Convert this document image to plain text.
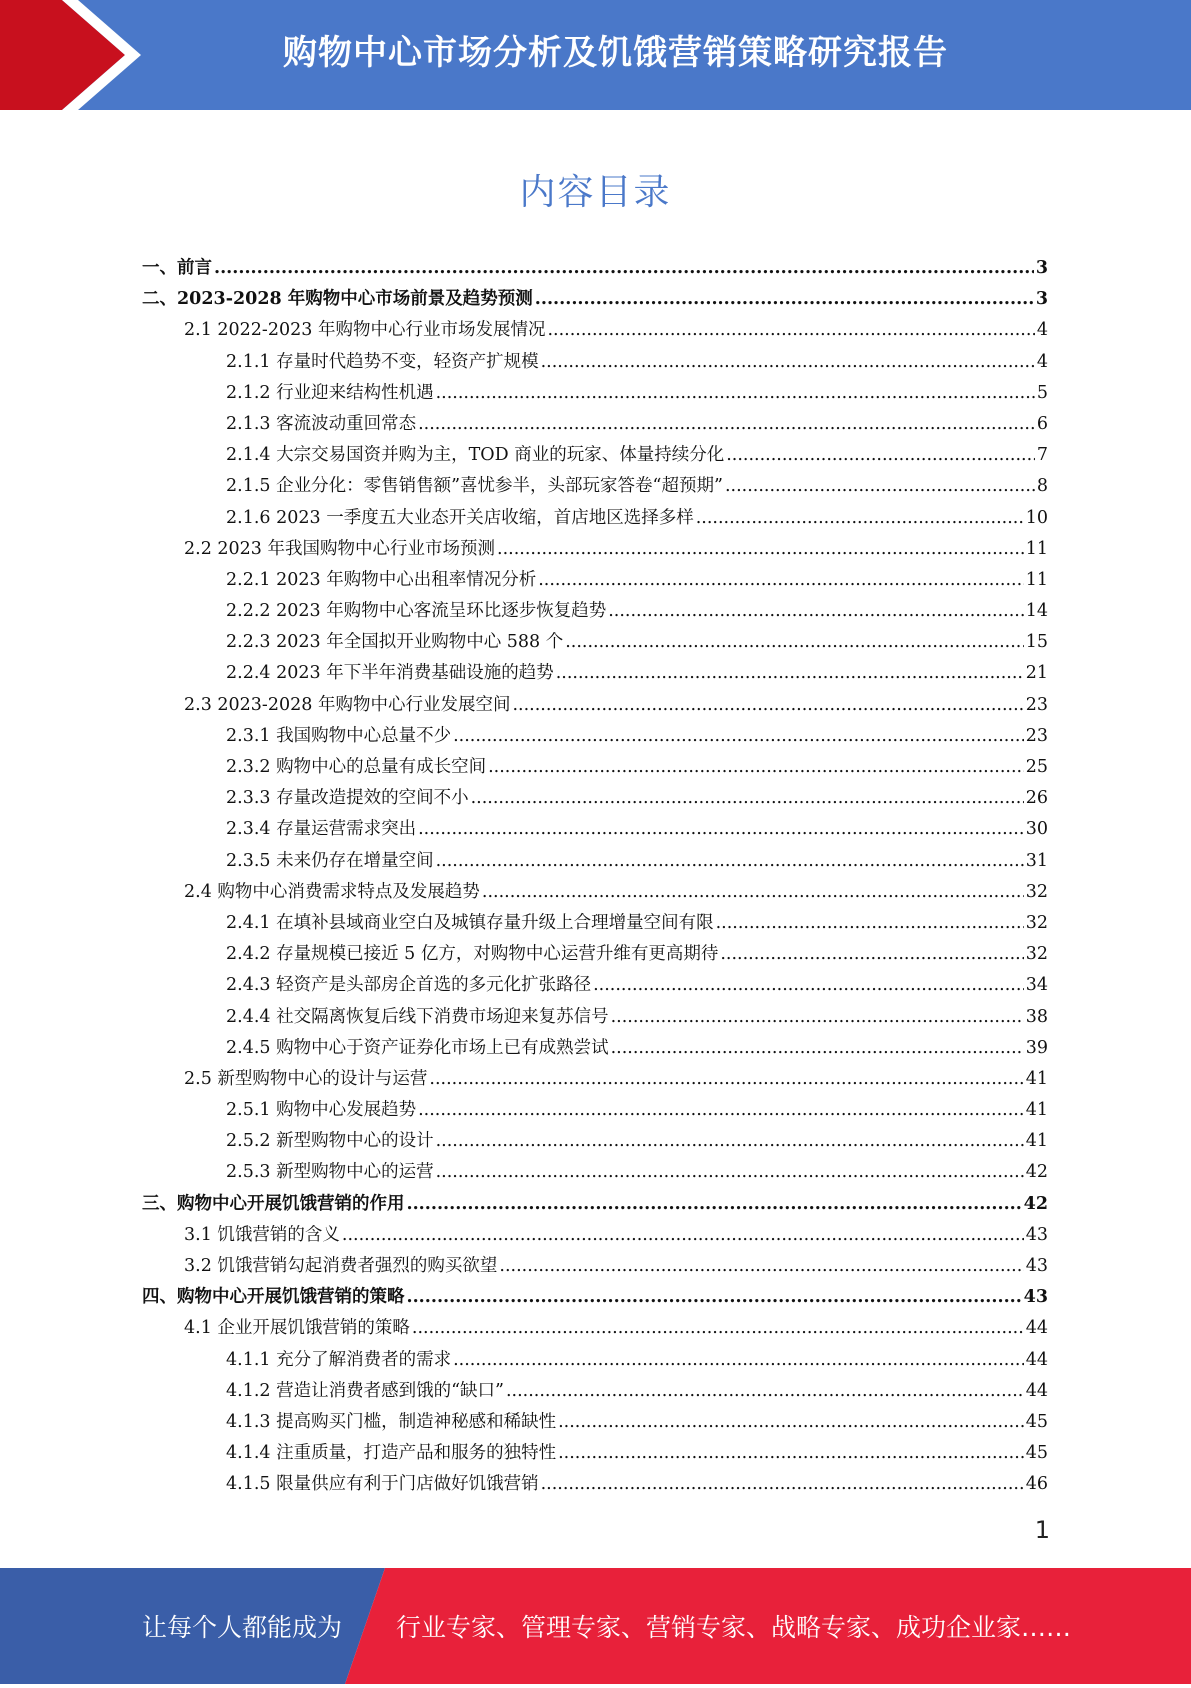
购物中心市场分析及饥饿营销策略研究报告
内容目录
一、前言 .....	3
二、2023-2028 年购物中心市场前景及趋势预测 .....	3
2.1 2022-2023 年购物中心行业市场发展情况 .....	4
2.1.1 存量时代趋势不变，轻资产扩规模 .....	4
2.1.2 行业迎来结构性机遇 .....	5
2.1.3 客流波动重回常态 .....	6
2.1.4 大宗交易国资并购为主，TOD 商业的玩家、体量持续分化 .....	7
2.1.5 企业分化：零售销售额”喜忧参半，头部玩家答卷“超预期” .....	8
2.1.6 2023 一季度五大业态开关店收缩，首店地区选择多样 .....	10
2.2 2023 年我国购物中心行业市场预测 .....	11
2.2.1 2023 年购物中心出租率情况分析 .....	11
2.2.2 2023 年购物中心客流呈环比逐步恢复趋势 .....	14
2.2.3 2023 年全国拟开业购物中心 588 个 .....	15
2.2.4 2023 年下半年消费基础设施的趋势 .....	21
2.3 2023-2028 年购物中心行业发展空间 .....	23
2.3.1 我国购物中心总量不少 .....	23
2.3.2 购物中心的总量有成长空间 .....	25
2.3.3 存量改造提效的空间不小 .....	26
2.3.4 存量运营需求突出 .....	30
2.3.5 未来仍存在增量空间 .....	31
2.4 购物中心消费需求特点及发展趋势 .....	32
2.4.1 在填补县域商业空白及城镇存量升级上合理增量空间有限 .....	32
2.4.2 存量规模已接近 5 亿方，对购物中心运营升维有更高期待 .....	32
2.4.3 轻资产是头部房企首选的多元化扩张路径 .....	34
2.4.4 社交隔离恢复后线下消费市场迎来复苏信号 .....	38
2.4.5 购物中心于资产证券化市场上已有成熟尝试 .....	39
2.5 新型购物中心的设计与运营 .....	41
2.5.1 购物中心发展趋势 .....	41
2.5.2 新型购物中心的设计 .....	41
2.5.3 新型购物中心的运营 .....	42
三、购物中心开展饥饿营销的作用 .....	42
3.1 饥饿营销的含义 .....	43
3.2 饥饿营销勾起消费者强烈的购买欲望 .....	43
四、购物中心开展饥饿营销的策略 .....	43
4.1 企业开展饥饿营销的策略 .....	44
4.1.1 充分了解消费者的需求 .....	44
4.1.2 营造让消费者感到饿的“缺口” .....	44
4.1.3 提高购买门槛，制造神秘感和稀缺性 .....	45
4.1.4 注重质量，打造产品和服务的独特性 .....	45
4.1.5 限量供应有利于门店做好饥饿营销 .....	46
1
让每个人都能成为 行业专家、管理专家、营销专家、战略专家、成功企业家……
